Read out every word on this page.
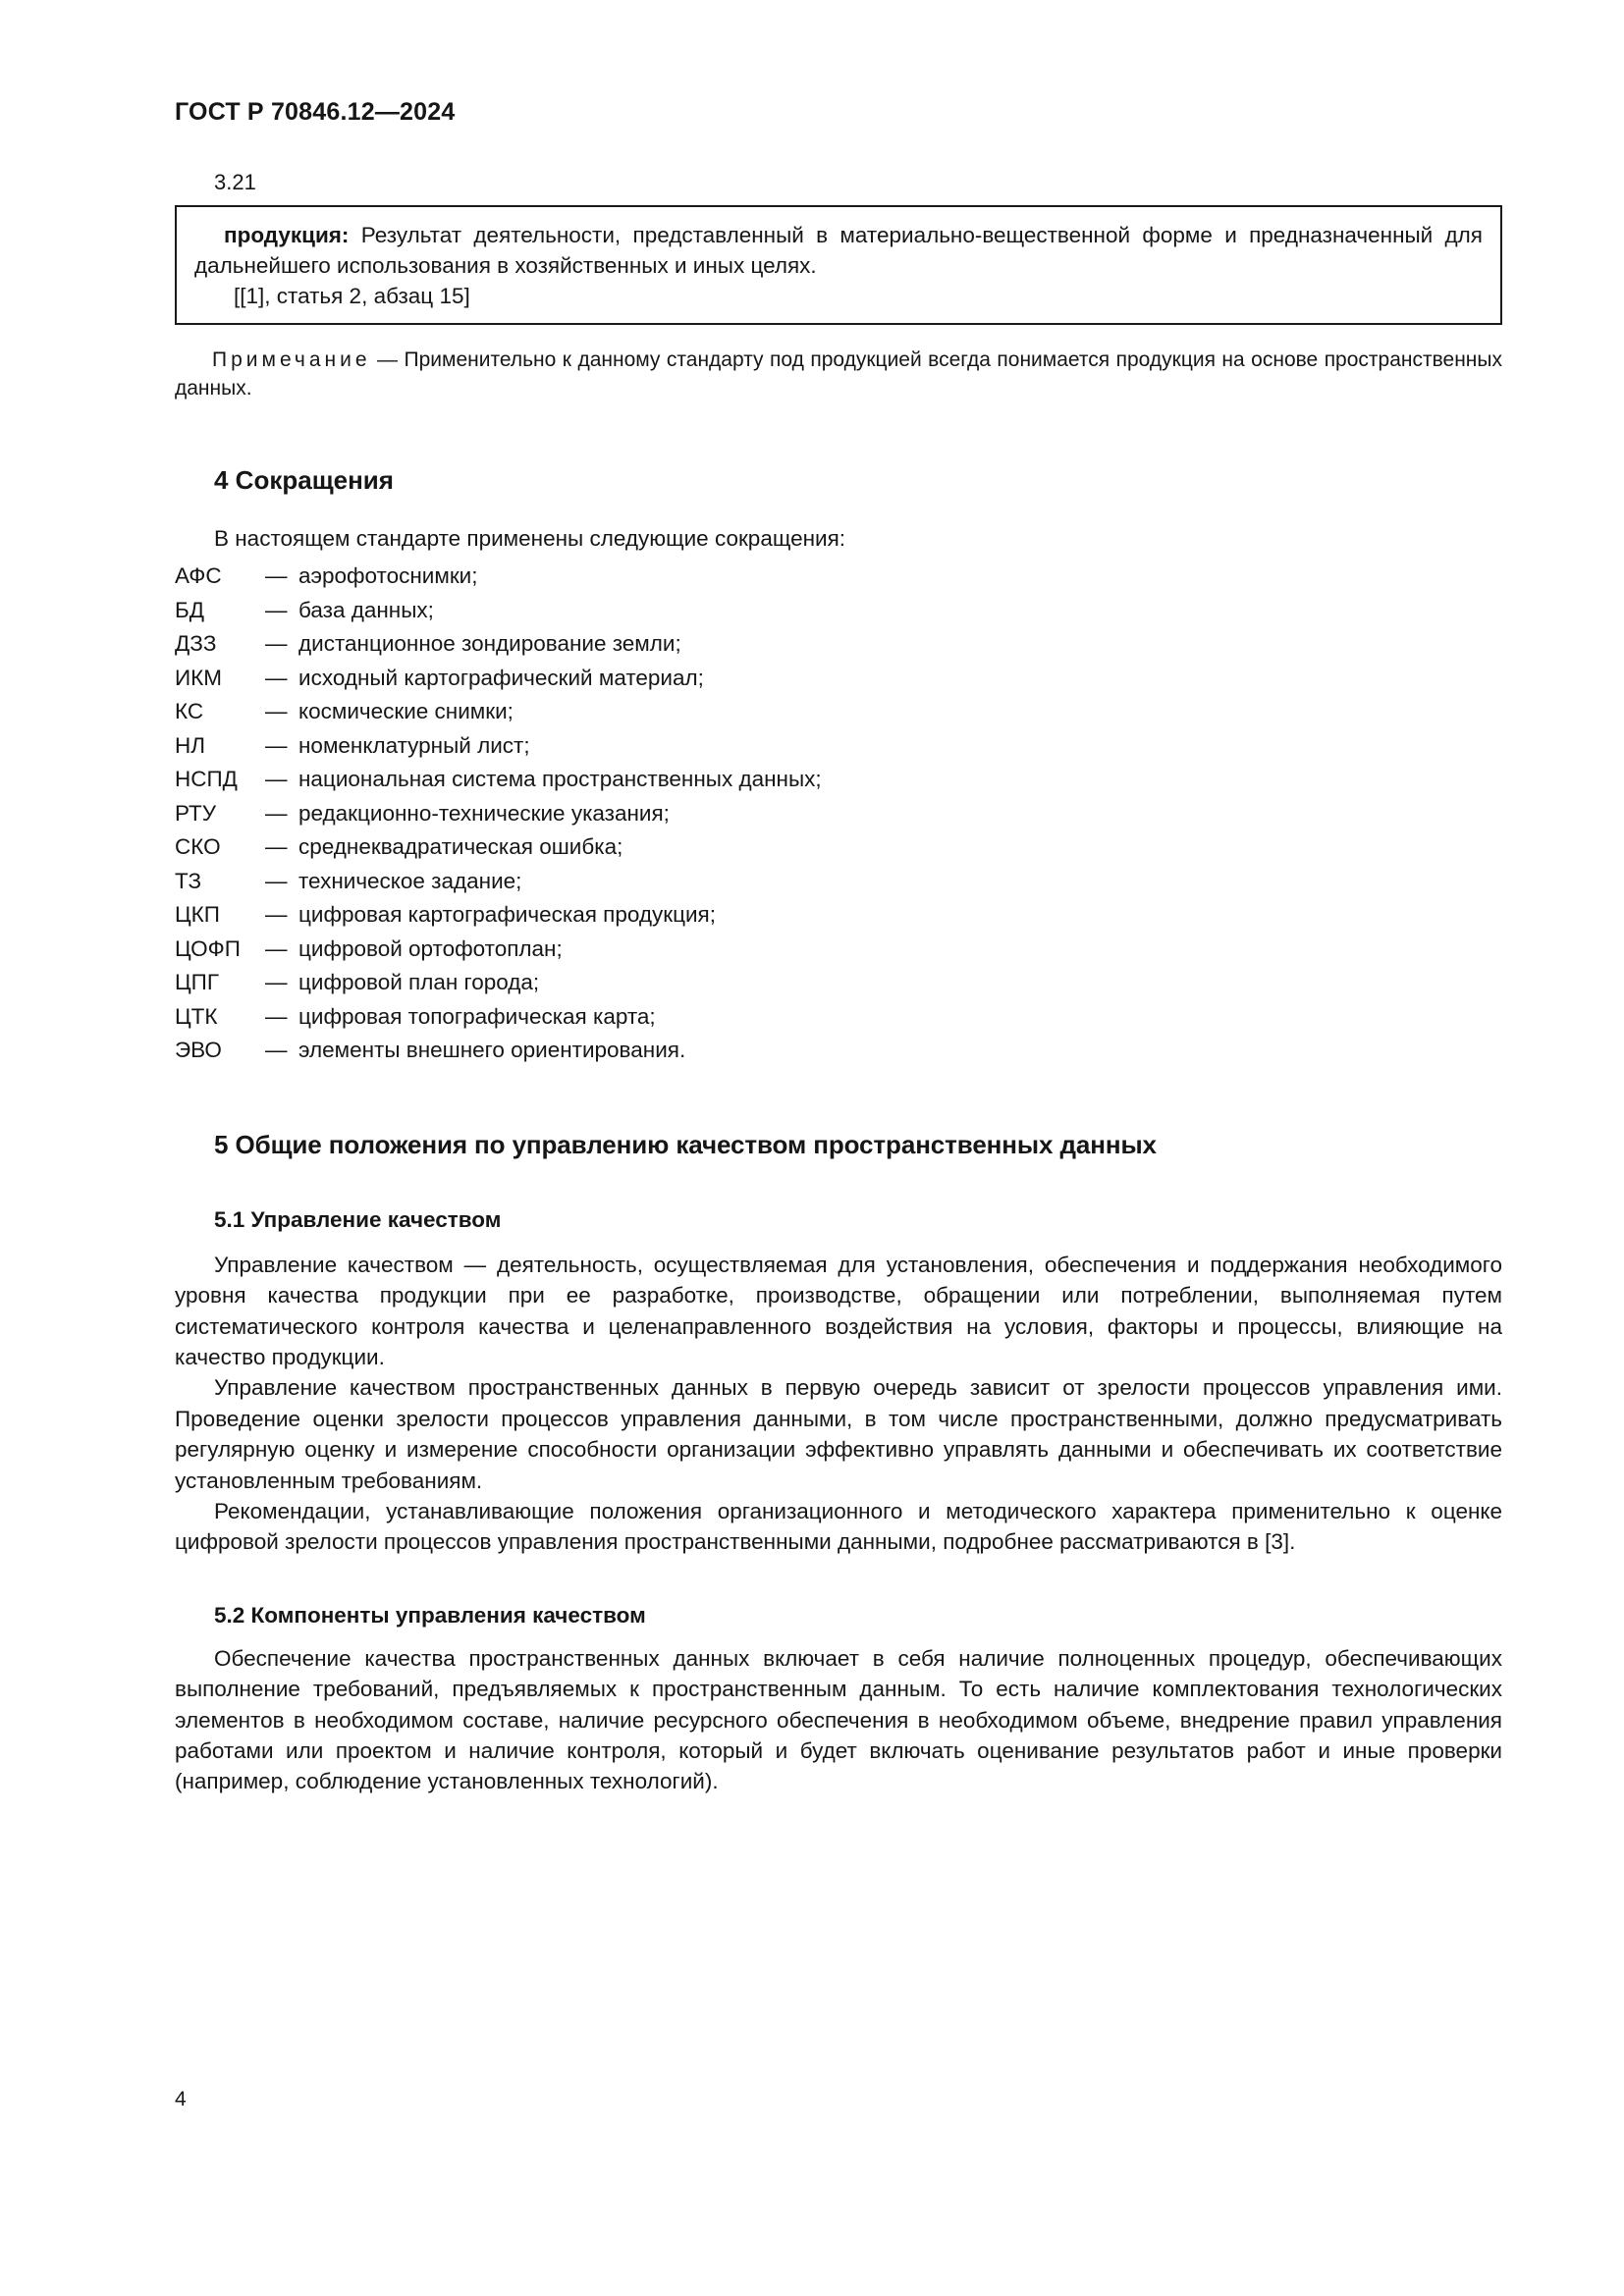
ГОСТ Р 70846.12—2024
3.21

продукция: Результат деятельности, представленный в материально-вещественной форме и предназначенный для дальнейшего использования в хозяйственных и иных целях.

[[1], статья 2, абзац 15]

Примечание — Применительно к данному стандарту под продукцией всегда понимается продукция на основе пространственных данных.

4 Сокращения

В настоящем стандарте применены следующие сокращения:

АФС	— аэрофотоснимки;
БД	— база данных;
ДЗЗ	— дистанционное зондирование земли;
ИКМ	— исходный картографический материал;
КС	— космические снимки;
НЛ	— номенклатурный лист;
НСПД	— национальная система пространственных данных;
РТУ	— редакционно-технические указания;
СКО	— среднеквадратическая ошибка;
ТЗ	— техническое задание;
ЦКП	— цифровая картографическая продукция;
ЦОФП	— цифровой ортофотоплан;
ЦПГ	— цифровой план города;
ЦТК	— цифровая топографическая карта;
ЭВО	— элементы внешнего ориентирования.
5 Общие положения по управлению качеством пространственных данных
5.1 Управление качеством

Управление качеством — деятельность, осуществляемая для установления, обеспечения и поддержания необходимого уровня качества продукции при ее разработке, производстве, обращении или потреблении, выполняемая путем систематического контроля качества и целенаправленного воздействия на условия, факторы и процессы, влияющие на качество продукции.

Управление качеством пространственных данных в первую очередь зависит от зрелости процессов управления ими. Проведение оценки зрелости процессов управления данными, в том числе пространственными, должно предусматривать регулярную оценку и измерение способности организации эффективно управлять данными и обеспечивать их соответствие установленным требованиям.

Рекомендации, устанавливающие положения организационного и методического характера применительно к оценке цифровой зрелости процессов управления пространственными данными, подробнее рассматриваются в [3].

5.2 Компоненты управления качеством

Обеспечение качества пространственных данных включает в себя наличие полноценных процедур, обеспечивающих выполнение требований, предъявляемых к пространственным данным. То есть наличие комплектования технологических элементов в необходимом составе, наличие ресурсного обеспечения в необходимом объеме, внедрение правил управления работами или проектом и наличие контроля, который и будет включать оценивание результатов работ и иные проверки (например, соблюдение установленных технологий).

4
